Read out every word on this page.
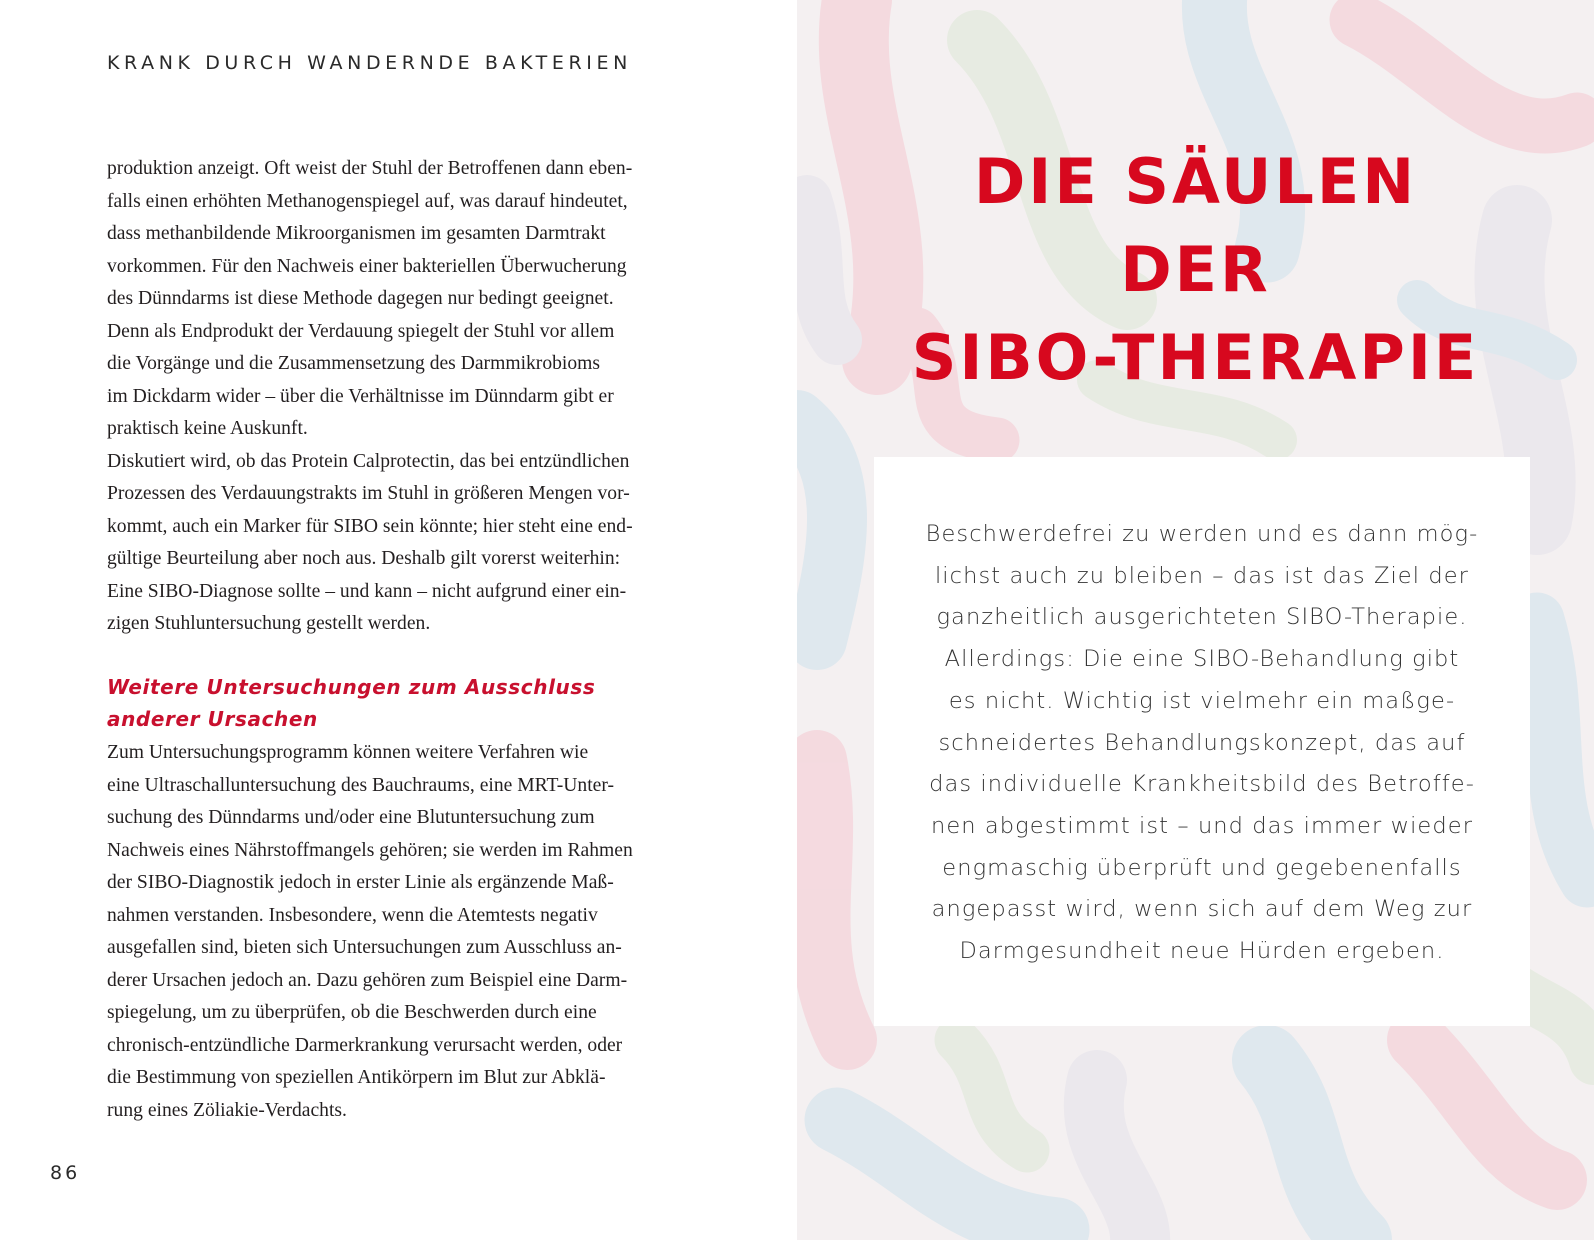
KRANK DURCH WANDERNDE BAKTERIEN

produktion anzeigt. Oft weist der Stuhl der Betroffenen dann eben-
falls einen erhöhten Methanogenspiegel auf, was darauf hindeutet,
dass methanbildende Mikroorganismen im gesamten Darmtrakt
vorkommen. Für den Nachweis einer bakteriellen Überwucherung
des Dünndarms ist diese Methode dagegen nur bedingt geeignet.
Denn als Endprodukt der Verdauung spiegelt der Stuhl vor allem
die Vorgänge und die Zusammensetzung des Darmmikrobioms
im Dickdarm wider – über die Verhältnisse im Dünndarm gibt er
praktisch keine Auskunft.
Diskutiert wird, ob das Protein Calprotectin, das bei entzündlichen
Prozessen des Verdauungstrakts im Stuhl in größeren Mengen vor-
kommt, auch ein Marker für SIBO sein könnte; hier steht eine end-
gültige Beurteilung aber noch aus. Deshalb gilt vorerst weiterhin:
Eine SIBO-Diagnose sollte – und kann – nicht aufgrund einer ein-
zigen Stuhluntersuchung gestellt werden.

Weitere Untersuchungen zum Ausschluss
anderer Ursachen

Zum Untersuchungsprogramm können weitere Verfahren wie
eine Ultraschalluntersuchung des Bauchraums, eine MRT-Unter-
suchung des Dünndarms und/oder eine Blutuntersuchung zum
Nachweis eines Nährstoffmangels gehören; sie werden im Rahmen
der SIBO-Diagnostik jedoch in erster Linie als ergänzende Maß-
nahmen verstanden. Insbesondere, wenn die Atemtests negativ
ausgefallen sind, bieten sich Untersuchungen zum Ausschluss an-
derer Ursachen jedoch an. Dazu gehören zum Beispiel eine Darm-
spiegelung, um zu überprüfen, ob die Beschwerden durch eine
chronisch-entzündliche Darmerkrankung verursacht werden, oder
die Bestimmung von speziellen Antikörpern im Blut zur Abklä-
rung eines Zöliakie-Verdachts.

86
DIE SÄULEN
DER
SIBO-THERAPIE

Beschwerdefrei zu werden und es dann mög-
lichst auch zu bleiben – das ist das Ziel der
ganzheitlich ausgerichteten SIBO-Therapie.
Allerdings: Die eine SIBO-Behandlung gibt
es nicht. Wichtig ist vielmehr ein maßge-
schneidertes Behandlungskonzept, das auf
das individuelle Krankheitsbild des Betroffe-
nen abgestimmt ist – und das immer wieder
engmaschig überprüft und gegebenenfalls
angepasst wird, wenn sich auf dem Weg zur
Darmgesundheit neue Hürden ergeben.
